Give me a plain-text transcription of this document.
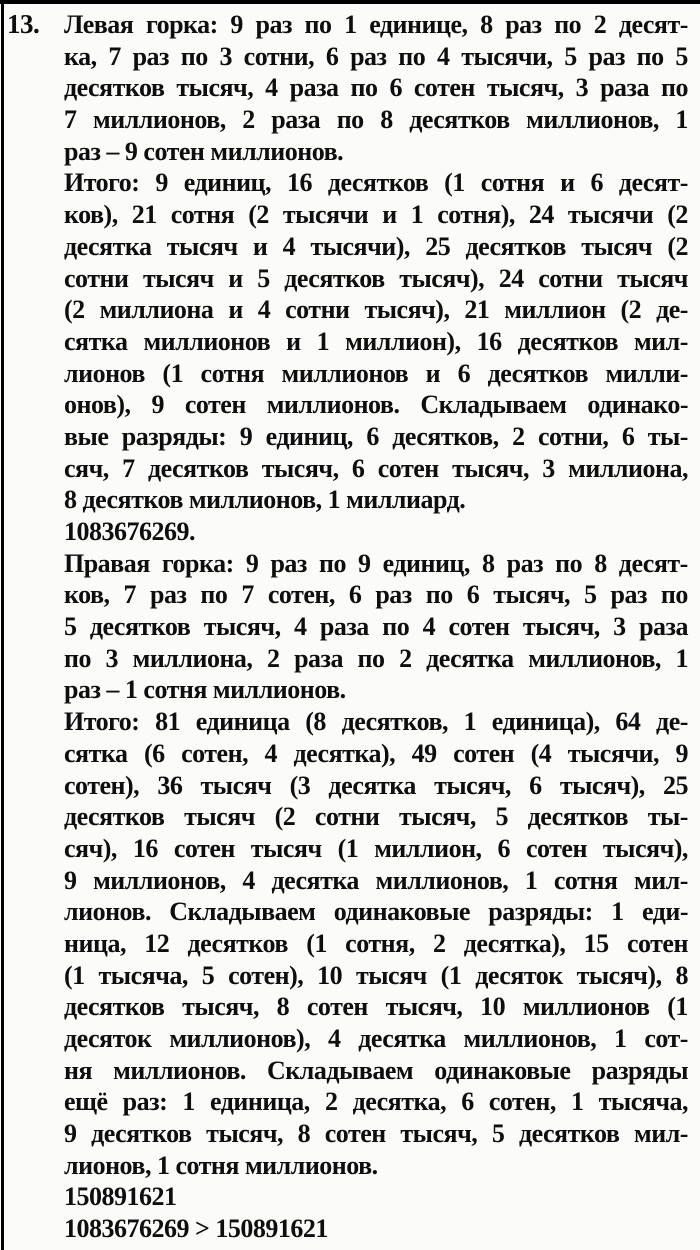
13. Левая горка: 9 раз по 1 единице, 8 раз по 2 десят-
ка, 7 раз по 3 сотни, 6 раз по 4 тысячи, 5 раз по 5
десятков тысяч, 4 раза по 6 сотен тысяч, 3 раза по
7 миллионов, 2 раза по 8 десятков миллионов, 1
раз – 9 сотен миллионов.
Итого: 9 единиц, 16 десятков (1 сотня и 6 десят-
ков), 21 сотня (2 тысячи и 1 сотня), 24 тысячи (2
десятка тысяч и 4 тысячи), 25 десятков тысяч (2
сотни тысяч и 5 десятков тысяч), 24 сотни тысяч
(2 миллиона и 4 сотни тысяч), 21 миллион (2 де-
сятка миллионов и 1 миллион), 16 десятков мил-
лионов (1 сотня миллионов и 6 десятков милли-
онов), 9 сотен миллионов. Складываем одинако-
вые разряды: 9 единиц, 6 десятков, 2 сотни, 6 ты-
сяч, 7 десятков тысяч, 6 сотен тысяч, 3 миллиона,
8 десятков миллионов, 1 миллиард.
1083676269.
Правая горка: 9 раз по 9 единиц, 8 раз по 8 десят-
ков, 7 раз по 7 сотен, 6 раз по 6 тысяч, 5 раз по
5 десятков тысяч, 4 раза по 4 сотен тысяч, 3 раза
по 3 миллиона, 2 раза по 2 десятка миллионов, 1
раз – 1 сотня миллионов.
Итого: 81 единица (8 десятков, 1 единица), 64 де-
сятка (6 сотен, 4 десятка), 49 сотен (4 тысячи, 9
сотен), 36 тысяч (3 десятка тысяч, 6 тысяч), 25
десятков тысяч (2 сотни тысяч, 5 десятков ты-
сяч), 16 сотен тысяч (1 миллион, 6 сотен тысяч),
9 миллионов, 4 десятка миллионов, 1 сотня мил-
лионов. Складываем одинаковые разряды: 1 еди-
ница, 12 десятков (1 сотня, 2 десятка), 15 сотен
(1 тысяча, 5 сотен), 10 тысяч (1 десяток тысяч), 8
десятков тысяч, 8 сотен тысяч, 10 миллионов (1
десяток миллионов), 4 десятка миллионов, 1 сот-
ня миллионов. Складываем одинаковые разряды
ещё раз: 1 единица, 2 десятка, 6 сотен, 1 тысяча,
9 десятков тысяч, 8 сотен тысяч, 5 десятков мил-
лионов, 1 сотня миллионов.
150891621
1083676269 > 150891621
